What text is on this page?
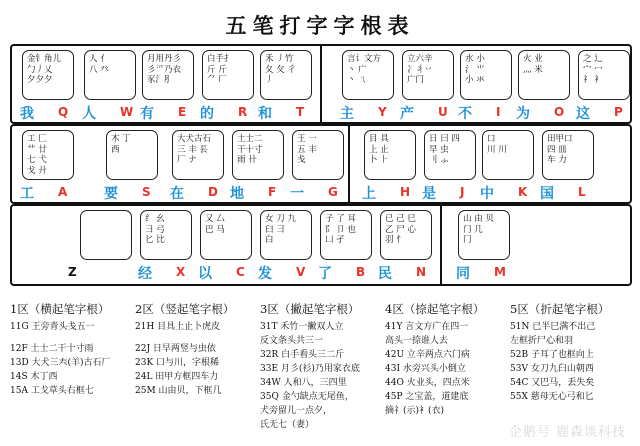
五笔打字字根表
金钅角儿
勹丿乂
夕夕夕
我 Q
人 亻
八 癶
人 W
月用丹彡
彡爫乃衣
豕氵⺼
有 E
白手扌
斤 斤
⺈ 厂
的 R
禾 丿竹
夂 攵 彳
丿
和 T
言讠文方
丶 广
丶 ㄟ
主 Y
立六辛
冫丬丷
广门
产 U
水 小
氵 ⺌
小 氺
不 I
火 业
灬 米
为 O
之 辶
宀 冖
礻 衤
这 P
工 匚
艹 廿
七 弋
戈 廾
工 A
木 丁
西
要 S
大犬古石
三 丰 镸
厂 ナ
在 D
土士二
干十寸
雨 卄
地 F
王 一
五 丰
戋
一 G
目 具
上 止
卜 ⺊
上 H
日 曰 四
早 虫
刂 ⺗
是 J
口
川 川
中 K
田甲口
四 皿
车 力
国 L
Z
纟 幺
彐 弓
匕 比
经 X
又 厶
巴 马
以 C
女 刀 九
臼 ⺕
白
发 V
子 了 耳
阝 卩 也
凵 孑
了 B
已 己 巳
乙 尸 心
羽 忄
民 N
山 由 贝
门 几
冂
同 M
1区（横起笔字根）
11G 王旁青头戋五一
12F 土士二干十寸雨
13D 大犬三𡗗(羊)古石厂
14S 木丁西
15A 工戈草头右框七
2区（竖起笔字根）
21H 目具上止卜虎皮
22J 日早两竖与虫依
23K 口与川，字根稀
24L 田甲方框四车力
25M 山由贝，下框几
3区（撇起笔字根）
31T 禾竹一撇双人立
反文条头共三一
32R 白手看头三二斤
33E 月彡(衫)乃用家衣底
34W 人和八，三四里
35Q 金勺缺点无尾鱼，
犬旁留儿一点夕，
氏无七（妻）
4区（捺起笔字根）
41Y 言文方广在四一
高头一捺谁人去
42U 立辛两点六门病
43I 水旁兴头小倒立
44O 火业头，四点米
45P 之宝盖，道建底
摘礻(示)衤(衣)
5区（折起笔字根）
51N 已半巳满不出己
左框折尸心和羽
52B 子耳了也框向上
53V 女刀九臼山朝西
54C 又巴马，丢失矣
55X 慈母无心弓和匕
企鹅号 鹿森谈科技
